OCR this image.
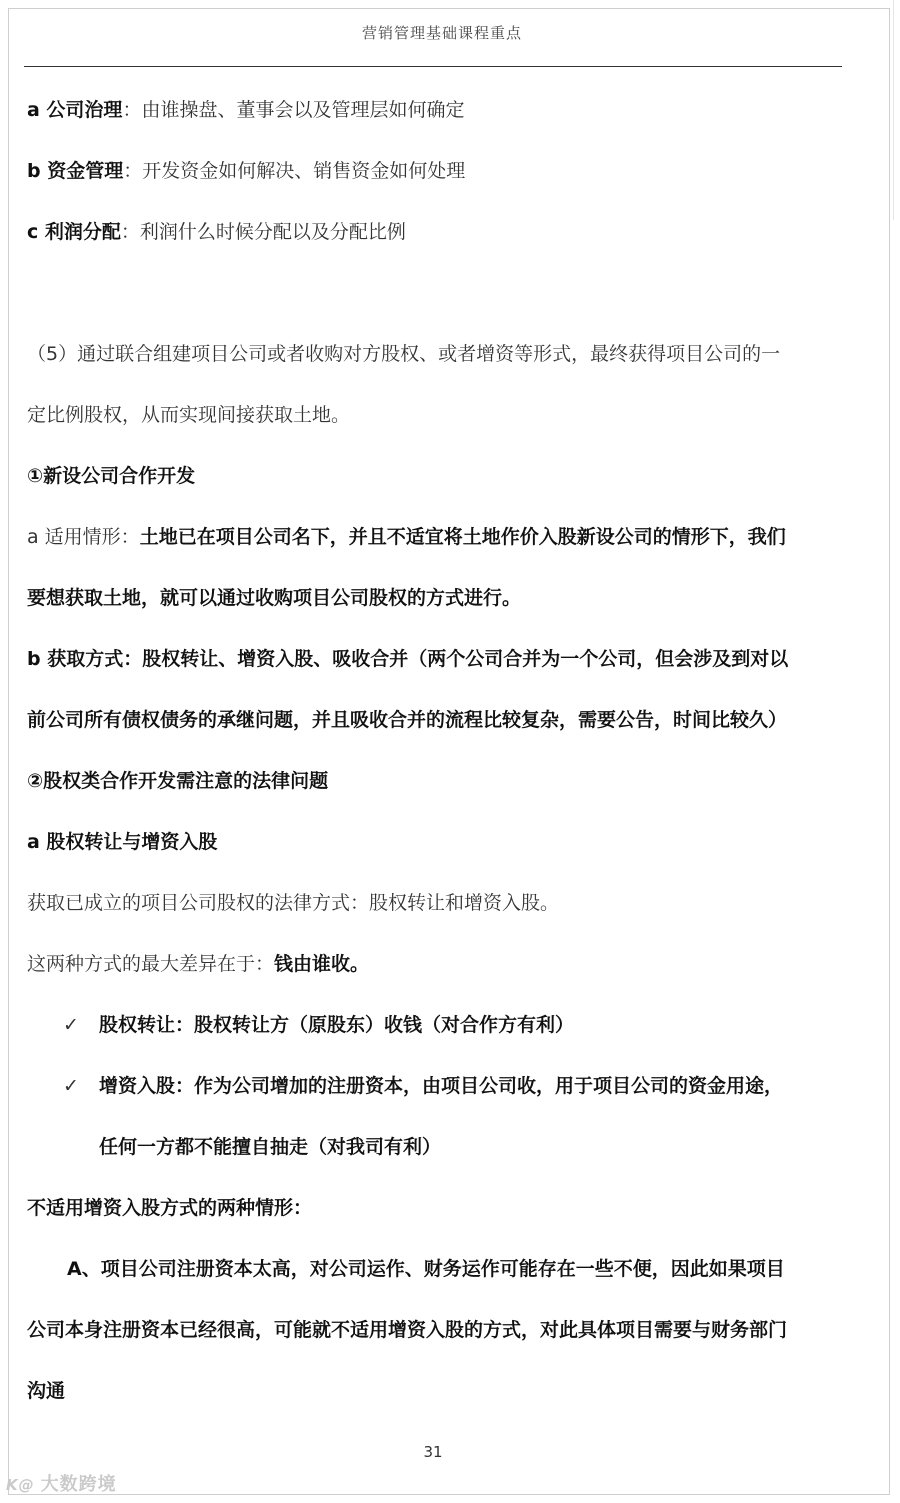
营销管理基础课程重点
a 公司治理：由谁操盘、董事会以及管理层如何确定
b 资金管理：开发资金如何解决、销售资金如何处理
c 利润分配：利润什么时候分配以及分配比例
（5）通过联合组建项目公司或者收购对方股权、或者增资等形式，最终获得项目公司的一
定比例股权，从而实现间接获取土地。
①新设公司合作开发
a 适用情形：土地已在项目公司名下，并且不适宜将土地作价入股新设公司的情形下，我们
要想获取土地，就可以通过收购项目公司股权的方式进行。
b 获取方式：股权转让、增资入股、吸收合并（两个公司合并为一个公司，但会涉及到对以
前公司所有债权债务的承继问题，并且吸收合并的流程比较复杂，需要公告，时间比较久）
②股权类合作开发需注意的法律问题
a 股权转让与增资入股
获取已成立的项目公司股权的法律方式：股权转让和增资入股。
这两种方式的最大差异在于：钱由谁收。
✓ 股权转让：股权转让方（原股东）收钱（对合作方有利）
✓ 增资入股：作为公司增加的注册资本，由项目公司收，用于项目公司的资金用途，
任何一方都不能擅自抽走（对我司有利）
不适用增资入股方式的两种情形：
A、项目公司注册资本太高，对公司运作、财务运作可能存在一些不便，因此如果项目
公司本身注册资本已经很高，可能就不适用增资入股的方式，对此具体项目需要与财务部门
沟通
31
K@ 大数跨境
